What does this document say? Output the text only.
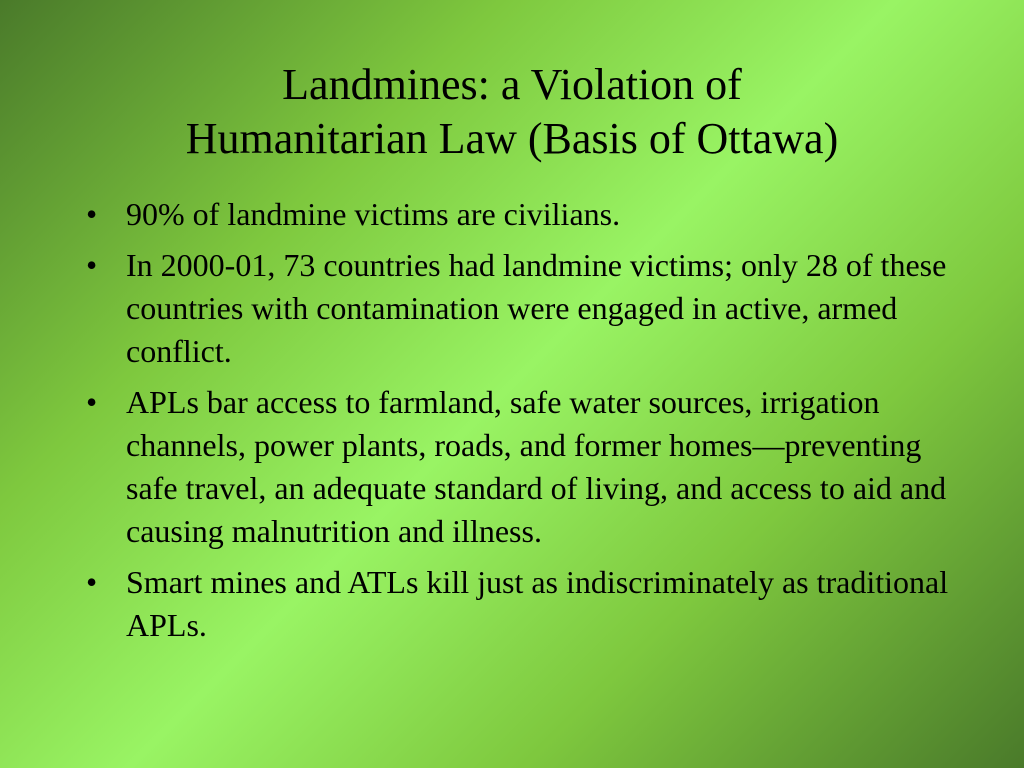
Landmines: a Violation of
Humanitarian Law (Basis of Ottawa)
• 90% of landmine victims are civilians.
• In 2000-01, 73 countries had landmine victims; only 28 of these countries with contamination were engaged in active, armed conflict.
• APLs bar access to farmland, safe water sources, irrigation channels, power plants, roads, and former homes—preventing safe travel, an adequate standard of living, and access to aid and causing malnutrition and illness.
• Smart mines and ATLs kill just as indiscriminately as traditional APLs.
